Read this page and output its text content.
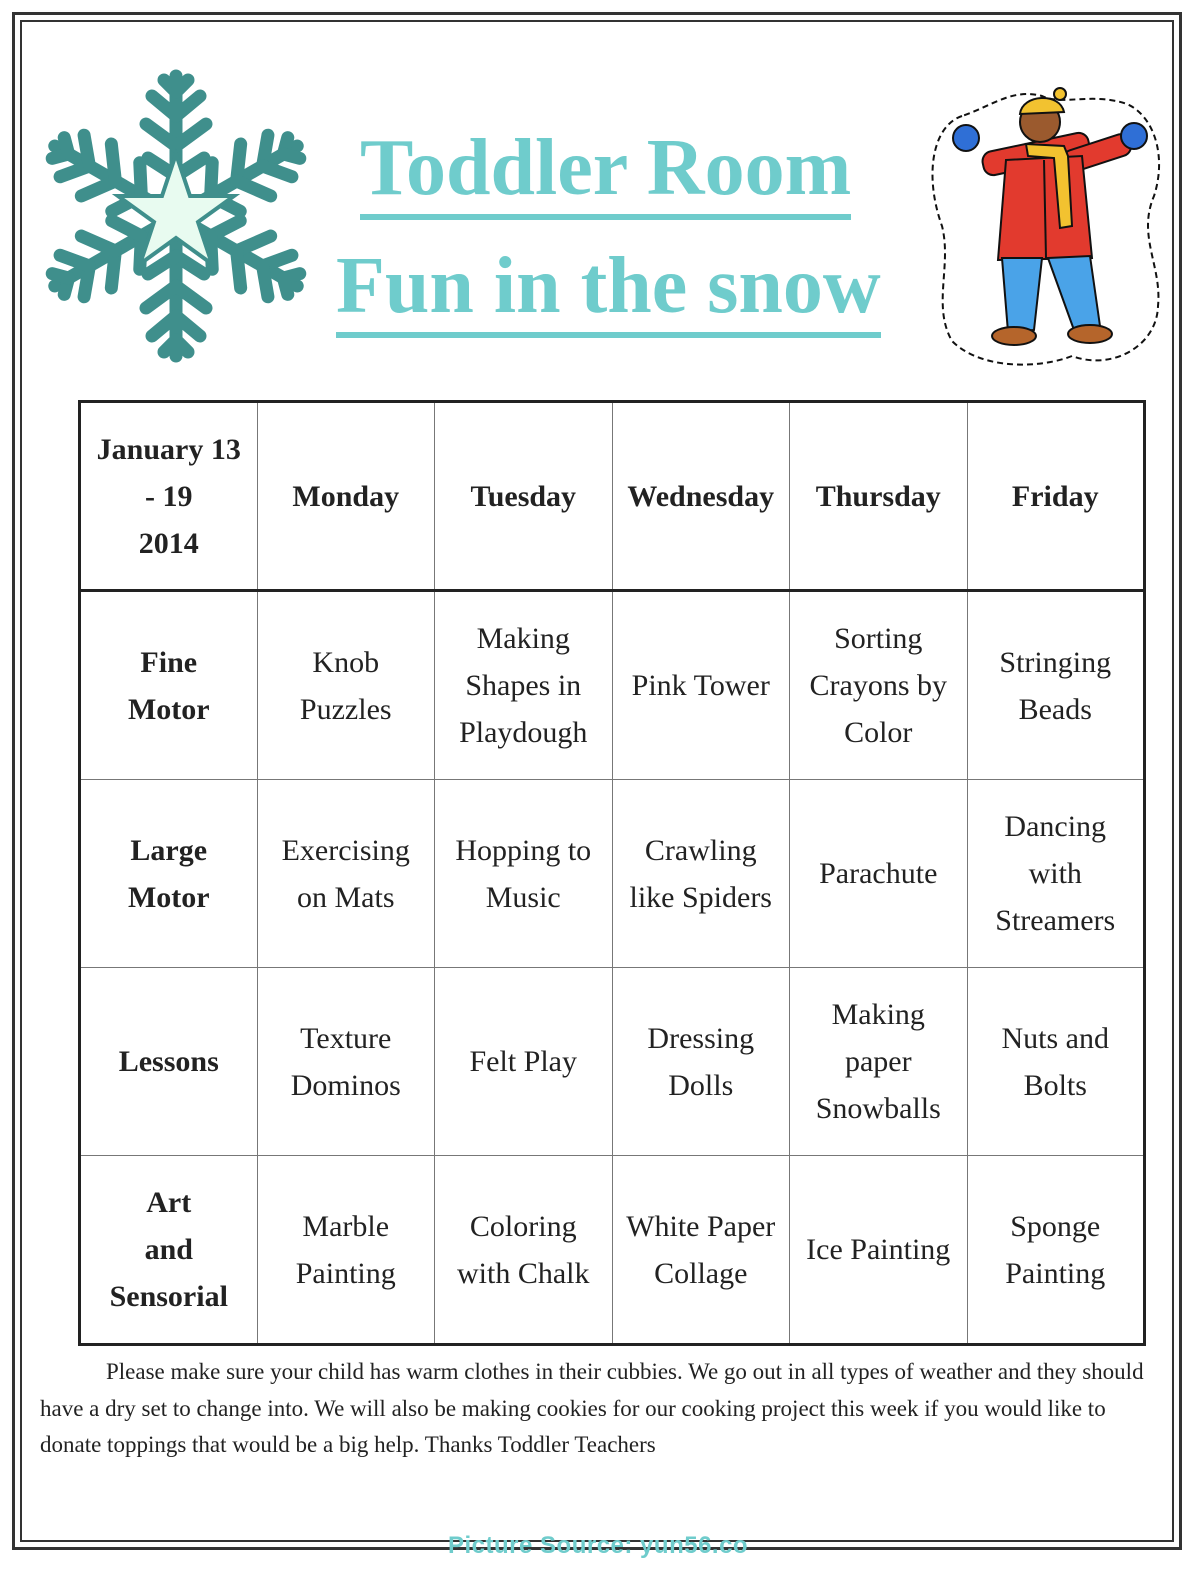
Toddler Room
Fun in the snow
January 13
- 19
2014	Monday	Tuesday	Wednesday	Thursday	Friday

Fine
Motor	Knob
Puzzles	Making
Shapes in
Playdough	Pink Tower	Sorting
Crayons by
Color	Stringing
Beads

Large
Motor	Exercising
on Mats	Hopping to
Music	Crawling
like Spiders	Parachute	Dancing
with
Streamers

Lessons	Texture
Dominos	Felt Play	Dressing
Dolls	Making
paper
Snowballs	Nuts and
Bolts

Art
and
Sensorial	Marble
Painting	Coloring
with Chalk	White Paper
Collage	Ice Painting	Sponge
Painting
Please make sure your child has warm clothes in their cubbies. We go out in all types of weather and they should have a dry set to change into. We will also be making cookies for our cooking project this week if you would like to donate toppings that would be a big help. Thanks Toddler Teachers
Picture Source: yun56.co
